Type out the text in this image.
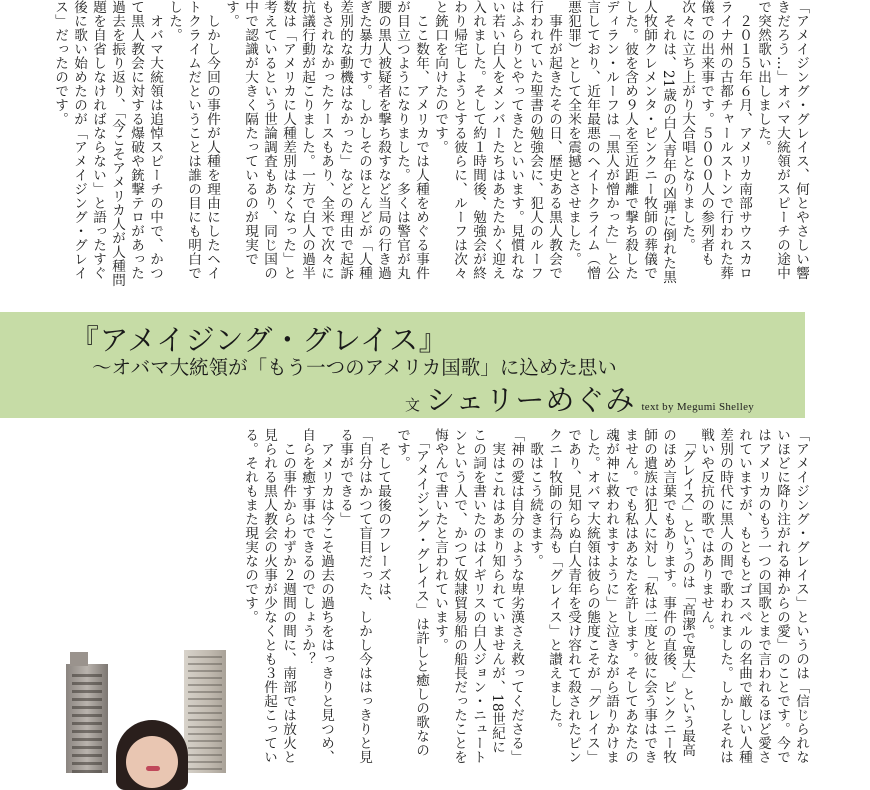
「アメイジング・グレイス、何とやさしい響きだろう…」オバマ大統領がスピーチの途中で突然歌い出しました。
　２０１５年６月、アメリカ南部サウスカロライナ州の古都チャールストンで行われた葬儀での出来事です。５０００人の参列者も次々に立ち上がり大合唱となりました。
　それは、21歳の白人青年の凶弾に倒れた黒人牧師クレメンタ・ピンクニー牧師の葬儀でした。彼を含め９人を至近距離で撃ち殺したディラン・ルーフは「黒人が憎かった」と公言しており、近年最悪のヘイトクライム（憎悪犯罪）として全米を震撼とさせました。
　事件が起きたその日、歴史ある黒人教会で行われていた聖書の勉強会に、犯人のルーフはふらりとやってきたといいます。見慣れない若い白人をメンバーたちはあたたかく迎え入れました。そして約１時間後、勉強会が終わり帰宅しようとする彼らに、ルーフは次々と銃口を向けたのです。
　ここ数年、アメリカでは人種をめぐる事件が目立つようになりました。多くは警官が丸腰の黒人被疑者を撃ち殺すなど当局の行き過ぎた暴力です。しかしそのほとんどが「人種差別的な動機はなかった」などの理由で起訴もされなかったケースもあり、全米で次々に抗議行動が起こりました。一方で白人の過半数は「アメリカに人種差別はなくなった」と考えているという世論調査もあり、同じ国の中で認識が大きく隔たっているのが現実です。
　しかし今回の事件が人種を理由にしたヘイトクライムだということは誰の目にも明白でした。
　オバマ大統領は追悼スピーチの中で、かつて黒人教会に対する爆破や銃撃テロがあった過去を振り返り、「今こそアメリカ人が人種問題を自省しなければならない」と語ったすぐ後に歌い始めたのが「アメイジング・グレイス」だったのです。
『アメイジング・グレイス』
〜オバマ大統領が「もう一つのアメリカ国歌」に込めた思い
文 シェリーめぐみ text by Megumi Shelley
「アメイジング・グレイス」というのは「信じられないほどに降り注がれる神からの愛」のことです。今ではアメリカのもう一つの国歌とまで言われるほど愛されていますが、もともとゴスペルの名曲で厳しい人種差別の時代に黒人の間で歌われました。しかしそれは戦いや反抗の歌ではありません。
　「グレイス」というのは「高潔で寛大」という最高のほめ言葉でもあります。事件の直後、ピンクニー牧師の遺族は犯人に対し「私は二度と彼に会う事はできません。でも私はあなたを許します。そしてあなたの魂が神に救われますように」と泣きながら語りかけました。オバマ大統領は彼らの態度こそが「グレイス」であり、見知らぬ白人青年を受け容れて殺されたピンクニー牧師の行為も「グレイス」と讃えました。
　歌はこう続きます。
「神の愛は自分のような卑劣漢さえ救ってくださる」
　実はこれはあまり知られていませんが、18世紀にこの詞を書いたのはイギリスの白人ジョン・ニュートンという人で、かつて奴隷貿易船の船長だったことを悔やんで書いたと言われています。
　「アメイジング・グレイス」は許しと癒しの歌なのです。
　そして最後のフレーズは、
「自分はかつて盲目だった、しかし今ははっきりと見る事ができる」
　アメリカは今こそ過去の過ちをはっきりと見つめ、自らを癒す事はできるのでしょうか？
　この事件からわずか２週間の間に、南部では放火と見られる黒人教会の火事が少なくとも３件起こっている。それもまた現実なのです。
